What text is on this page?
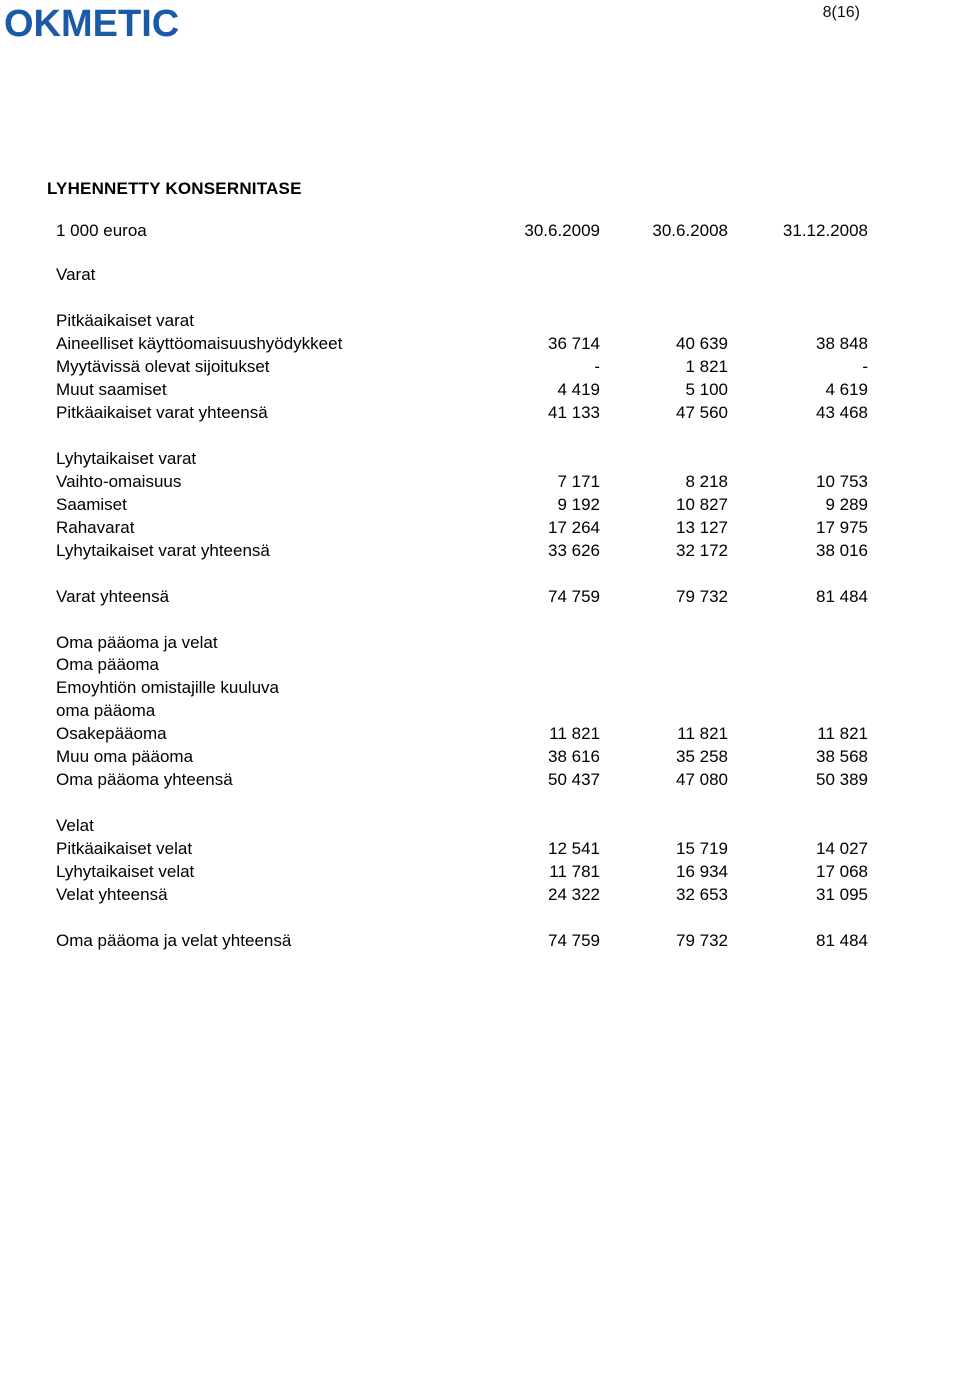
OKMETIC	8(16)
LYHENNETTY KONSERNITASE
1 000 euroa	30.6.2009	30.6.2008	31.12.2008
Varat
Pitkäaikaiset varat
Aineelliset käyttöomaisuushyödykkeet	36 714	40 639	38 848
Myytävissä olevat sijoitukset	-	1 821	-
Muut saamiset	4 419	5 100	4 619
Pitkäaikaiset varat yhteensä	41 133	47 560	43 468
Lyhytaikaiset varat
Vaihto-omaisuus	7 171	8 218	10 753
Saamiset	9 192	10 827	9 289
Rahavarat	17 264	13 127	17 975
Lyhytaikaiset varat yhteensä	33 626	32 172	38 016
Varat yhteensä	74 759	79 732	81 484
Oma pääoma ja velat
Oma pääoma
Emoyhtiön omistajille kuuluva
oma pääoma
Osakepääoma	11 821	11 821	11 821
Muu oma pääoma	38 616	35 258	38 568
Oma pääoma yhteensä	50 437	47 080	50 389
Velat
Pitkäaikaiset velat	12 541	15 719	14 027
Lyhytaikaiset velat	11 781	16 934	17 068
Velat yhteensä	24 322	32 653	31 095
Oma pääoma ja velat yhteensä	74 759	79 732	81 484
